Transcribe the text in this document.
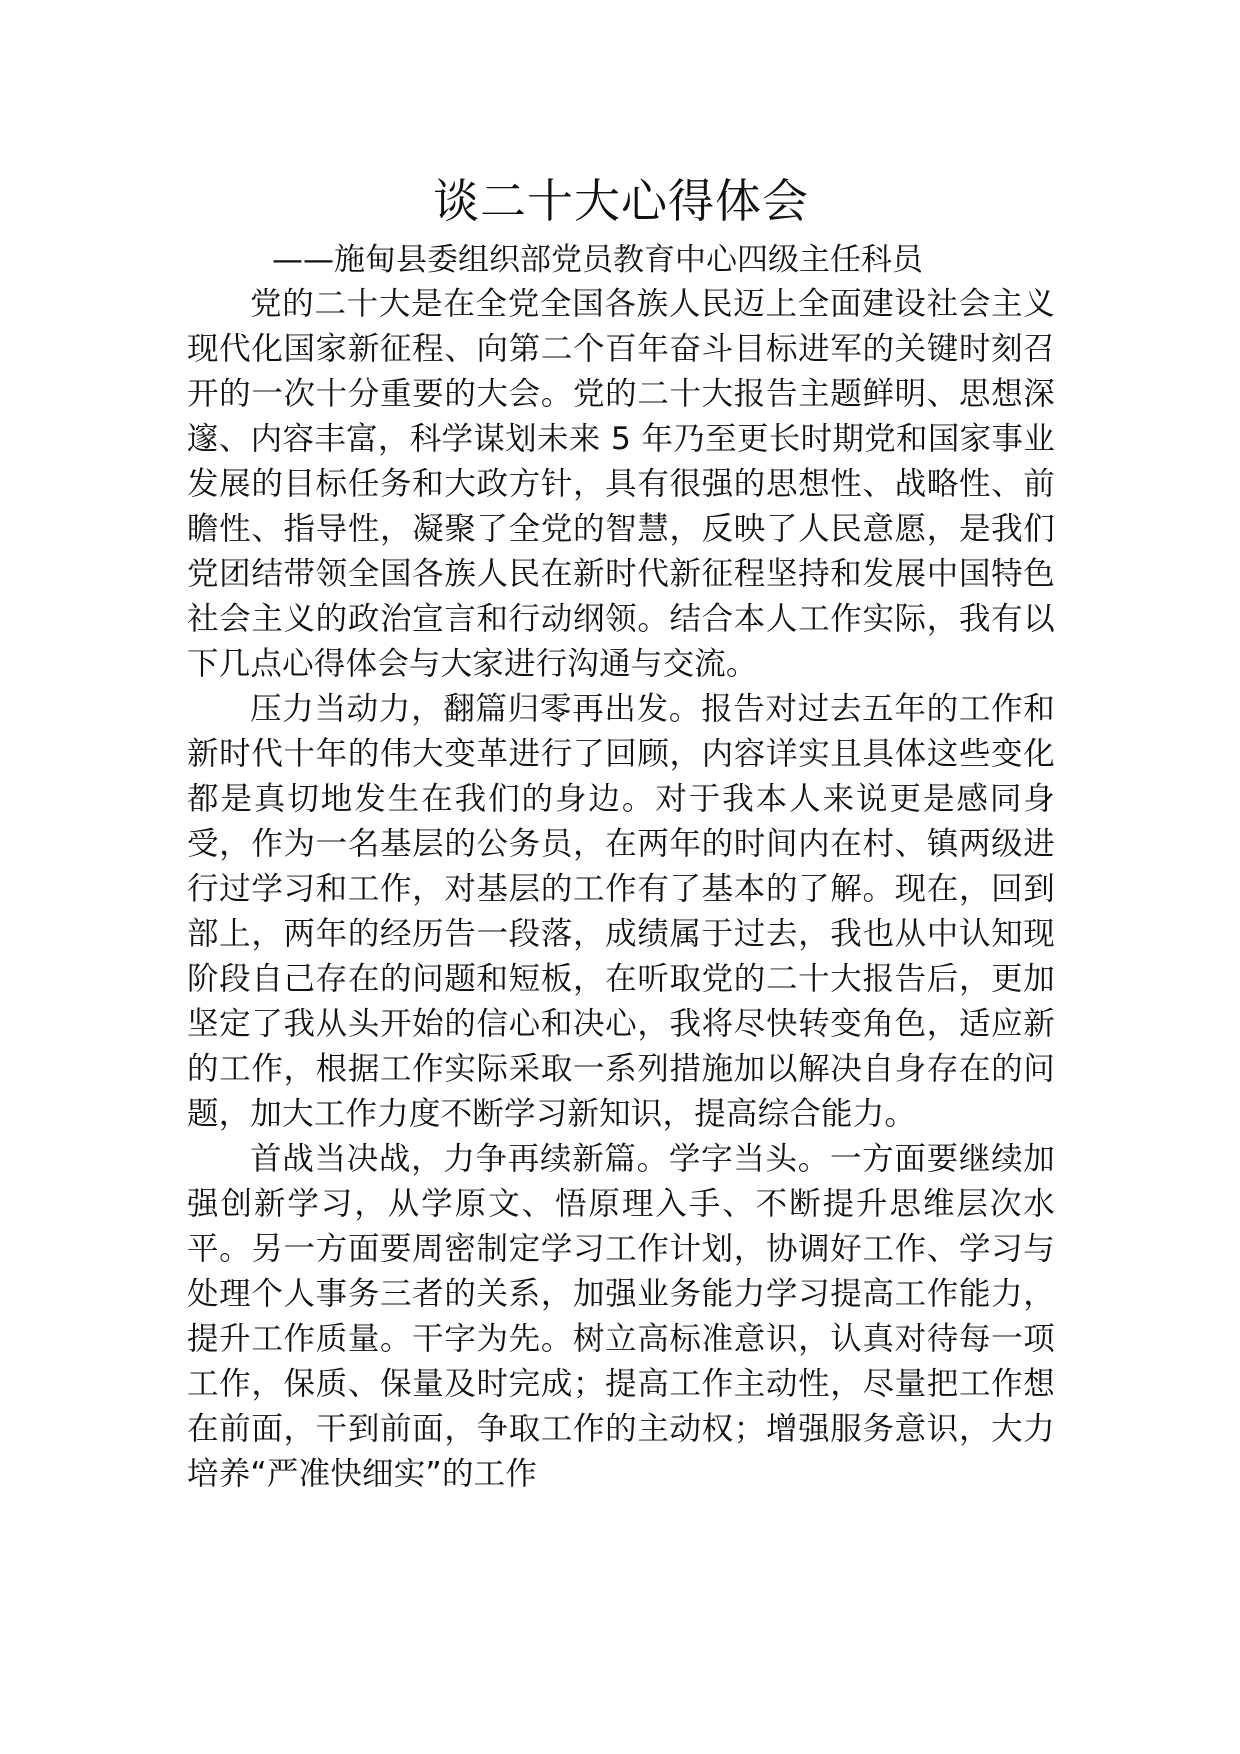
谈二十大心得体会

——施甸县委组织部党员教育中心四级主任科员

党的二十大是在全党全国各族人民迈上全面建设社会主义现代化国家新征程、向第二个百年奋斗目标进军的关键时刻召开的一次十分重要的大会。党的二十大报告主题鲜明、思想深邃、内容丰富，科学谋划未来 5 年乃至更长时期党和国家事业发展的目标任务和大政方针，具有很强的思想性、战略性、前瞻性、指导性，凝聚了全党的智慧，反映了人民意愿，是我们党团结带领全国各族人民在新时代新征程坚持和发展中国特色社会主义的政治宣言和行动纲领。结合本人工作实际，我有以下几点心得体会与大家进行沟通与交流。

压力当动力，翻篇归零再出发。报告对过去五年的工作和新时代十年的伟大变革进行了回顾，内容详实且具体这些变化都是真切地发生在我们的身边。对于我本人来说更是感同身受，作为一名基层的公务员，在两年的时间内在村、镇两级进行过学习和工作，对基层的工作有了基本的了解。现在，回到部上，两年的经历告一段落，成绩属于过去，我也从中认知现阶段自己存在的问题和短板，在听取党的二十大报告后，更加坚定了我从头开始的信心和决心，我将尽快转变角色，适应新的工作，根据工作实际采取一系列措施加以解决自身存在的问题，加大工作力度不断学习新知识，提高综合能力。

首战当决战，力争再续新篇。学字当头。一方面要继续加强创新学习，从学原文、悟原理入手、不断提升思维层次水平。另一方面要周密制定学习工作计划，协调好工作、学习与处理个人事务三者的关系，加强业务能力学习提高工作能力，提升工作质量。干字为先。树立高标准意识，认真对待每一项工作，保质、保量及时完成；提高工作主动性，尽量把工作想在前面，干到前面，争取工作的主动权；增强服务意识，大力培养“严准快细实”的工作
